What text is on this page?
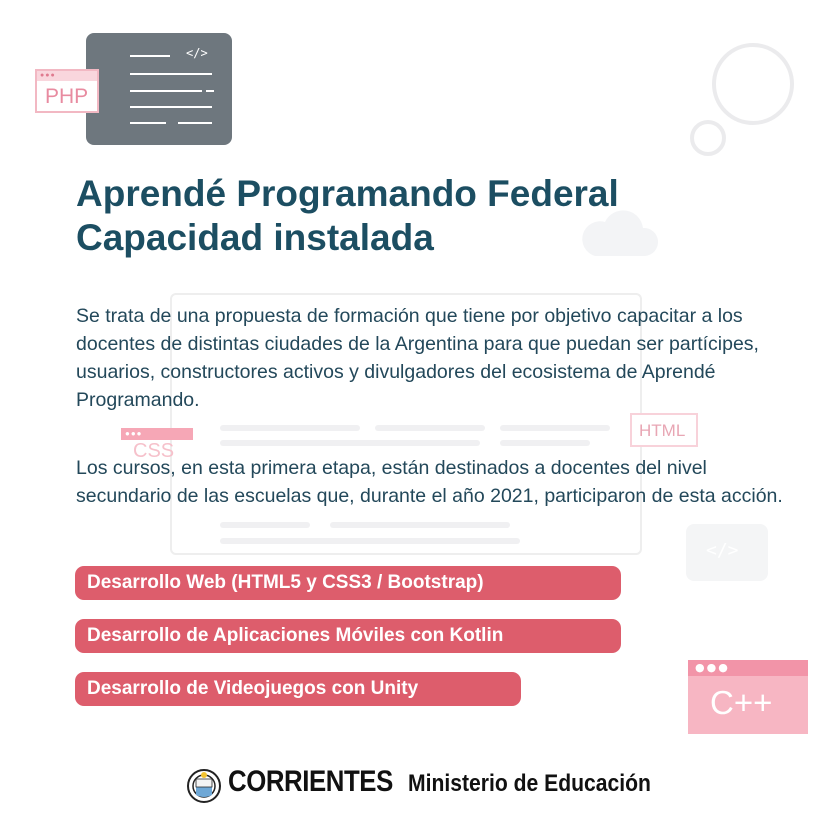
</>
●●●
PHP
●●●
CSS
HTML
</>
●●●
C++
Aprendé Programando Federal
Capacidad instalada

Se trata de una propuesta de formación que tiene por objetivo capacitar a los docentes de distintas ciudades de la Argentina para que puedan ser partícipes, usuarios, constructores activos y divulgadores del ecosistema de Aprendé Programando.

Los cursos, en esta primera etapa, están destinados a docentes del nivel secundario de las escuelas que, durante el año 2021, participaron de esta acción.

Desarrollo Web (HTML5 y CSS3 / Bootstrap)
Desarrollo de Aplicaciones Móviles con Kotlin
Desarrollo de Videojuegos con Unity
CORRIENTES Ministerio de Educación
